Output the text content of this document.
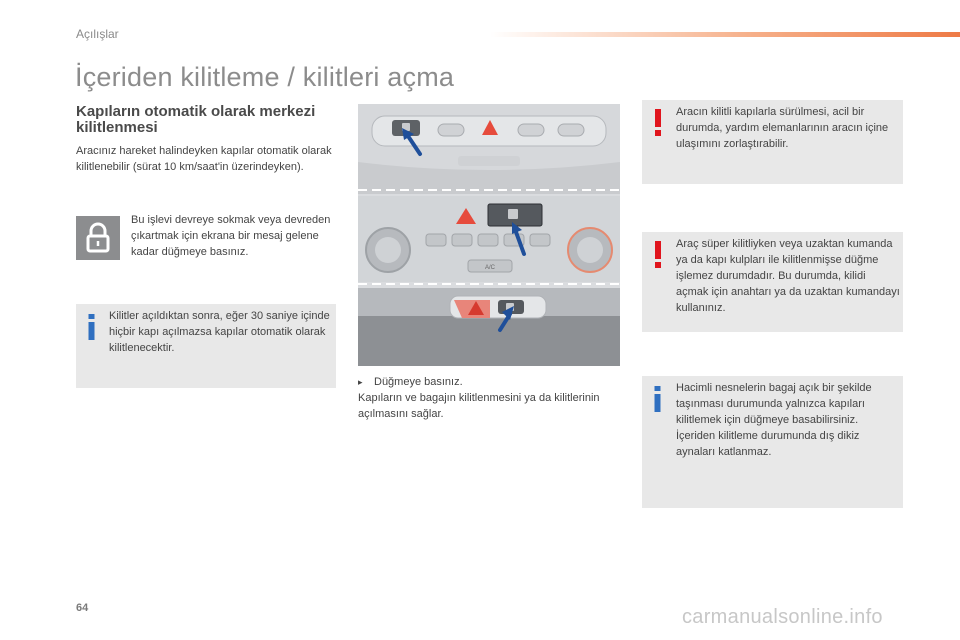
Açılışlar
İçeriden kilitleme / kilitleri açma
Kapıların otomatik olarak merkezi kilitlenmesi

Aracınız hareket halindeyken kapılar otomatik olarak kilitlenebilir (sürat 10 km/saat'in üzerindeyken).

Bu işlevi devreye sokmak veya devreden çıkartmak için ekrana bir mesaj gelene kadar düğmeye basınız.

Kilitler açıldıktan sonra, eğer 30 saniye içinde hiçbir kapı açılmazsa kapılar otomatik olarak kilitlenecektir.

A/C
▸ Düğmeye basınız.
Kapıların ve bagajın kilitlenmesini ya da kilitlerinin açılmasını sağlar.

Aracın kilitli kapılarla sürülmesi, acil bir durumda, yardım elemanlarının aracın içine ulaşımını zorlaştırabilir.

Araç süper kilitliyken veya uzaktan kumanda ya da kapı kulpları ile kilitlenmişse düğme işlemez durumdadır. Bu durumda, kilidi açmak için anahtarı ya da uzaktan kumandayı kullanınız.

Hacimli nesnelerin bagaj açık bir şekilde taşınması durumunda yalnızca kapıları kilitlemek için düğmeye basabilirsiniz. İçeriden kilitleme durumunda dış dikiz aynaları katlanmaz.

64	carmanualsonline.info
